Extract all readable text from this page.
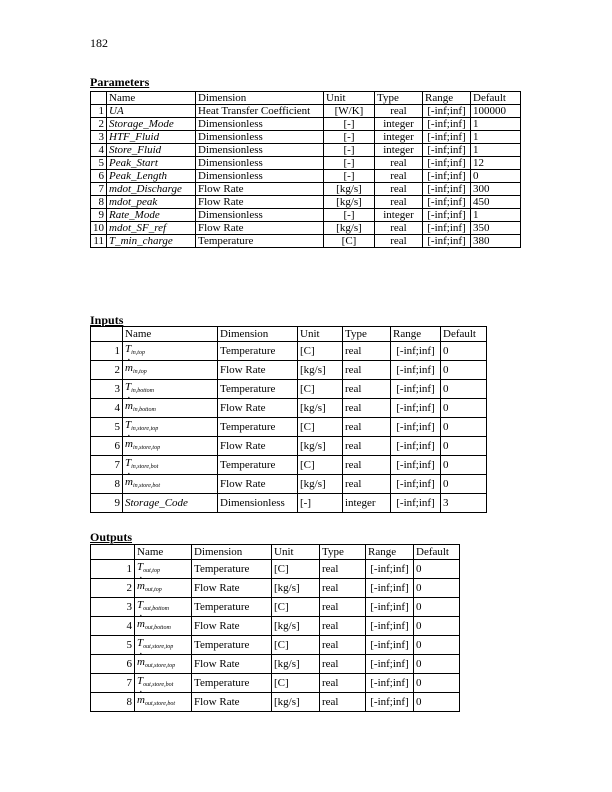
182
Parameters
	Name	Dimension	Unit	Type	Range	Default
1	UA	Heat Transfer Coefficient	[W/K]	real	[-inf;inf]	100000
2	Storage_Mode	Dimensionless	[-]	integer	[-inf;inf]	1
3	HTF_Fluid	Dimensionless	[-]	integer	[-inf;inf]	1
4	Store_Fluid	Dimensionless	[-]	integer	[-inf;inf]	1
5	Peak_Start	Dimensionless	[-]	real	[-inf;inf]	12
6	Peak_Length	Dimensionless	[-]	real	[-inf;inf]	0
7	mdot_Discharge	Flow Rate	[kg/s]	real	[-inf;inf]	300
8	mdot_peak	Flow Rate	[kg/s]	real	[-inf;inf]	450
9	Rate_Mode	Dimensionless	[-]	integer	[-inf;inf]	1
10	mdot_SF_ref	Flow Rate	[kg/s]	real	[-inf;inf]	350
11	T_min_charge	Temperature	[C]	real	[-inf;inf]	380
Inputs
	Name	Dimension	Unit	Type	Range	Default
1	$T_{in,top}$	Temperature	[C]	real	[-inf;inf]	0
2	· $m_{in,top}$	Flow Rate	[kg/s]	real	[-inf;inf]	0
3	$T_{in,bottom}$	Temperature	[C]	real	[-inf;inf]	0
4	· $m_{in,bottom}$	Flow Rate	[kg/s]	real	[-inf;inf]	0
5	$T_{in,store,top}$	Temperature	[C]	real	[-inf;inf]	0
6	· $m_{in,store,top}$	Flow Rate	[kg/s]	real	[-inf;inf]	0
7	$T_{in,store,bot}$	Temperature	[C]	real	[-inf;inf]	0
8	· $m_{in,store,bot}$	Flow Rate	[kg/s]	real	[-inf;inf]	0
9	Storage_Code	Dimensionless	[-]	integer	[-inf;inf]	3
Outputs
	Name	Dimension	Unit	Type	Range	Default
1	$T_{out,top}$	Temperature	[C]	real	[-inf;inf]	0
2	· $m_{out,top}$	Flow Rate	[kg/s]	real	[-inf;inf]	0
3	$T_{out,bottom}$	Temperature	[C]	real	[-inf;inf]	0
4	· $m_{out,bottom}$	Flow Rate	[kg/s]	real	[-inf;inf]	0
5	$T_{out,store,top}$	Temperature	[C]	real	[-inf;inf]	0
6	· $m_{out,store,top}$	Flow Rate	[kg/s]	real	[-inf;inf]	0
7	$T_{out,store,bot}$	Temperature	[C]	real	[-inf;inf]	0
8	· $m_{out,store,bot}$	Flow Rate	[kg/s]	real	[-inf;inf]	0
